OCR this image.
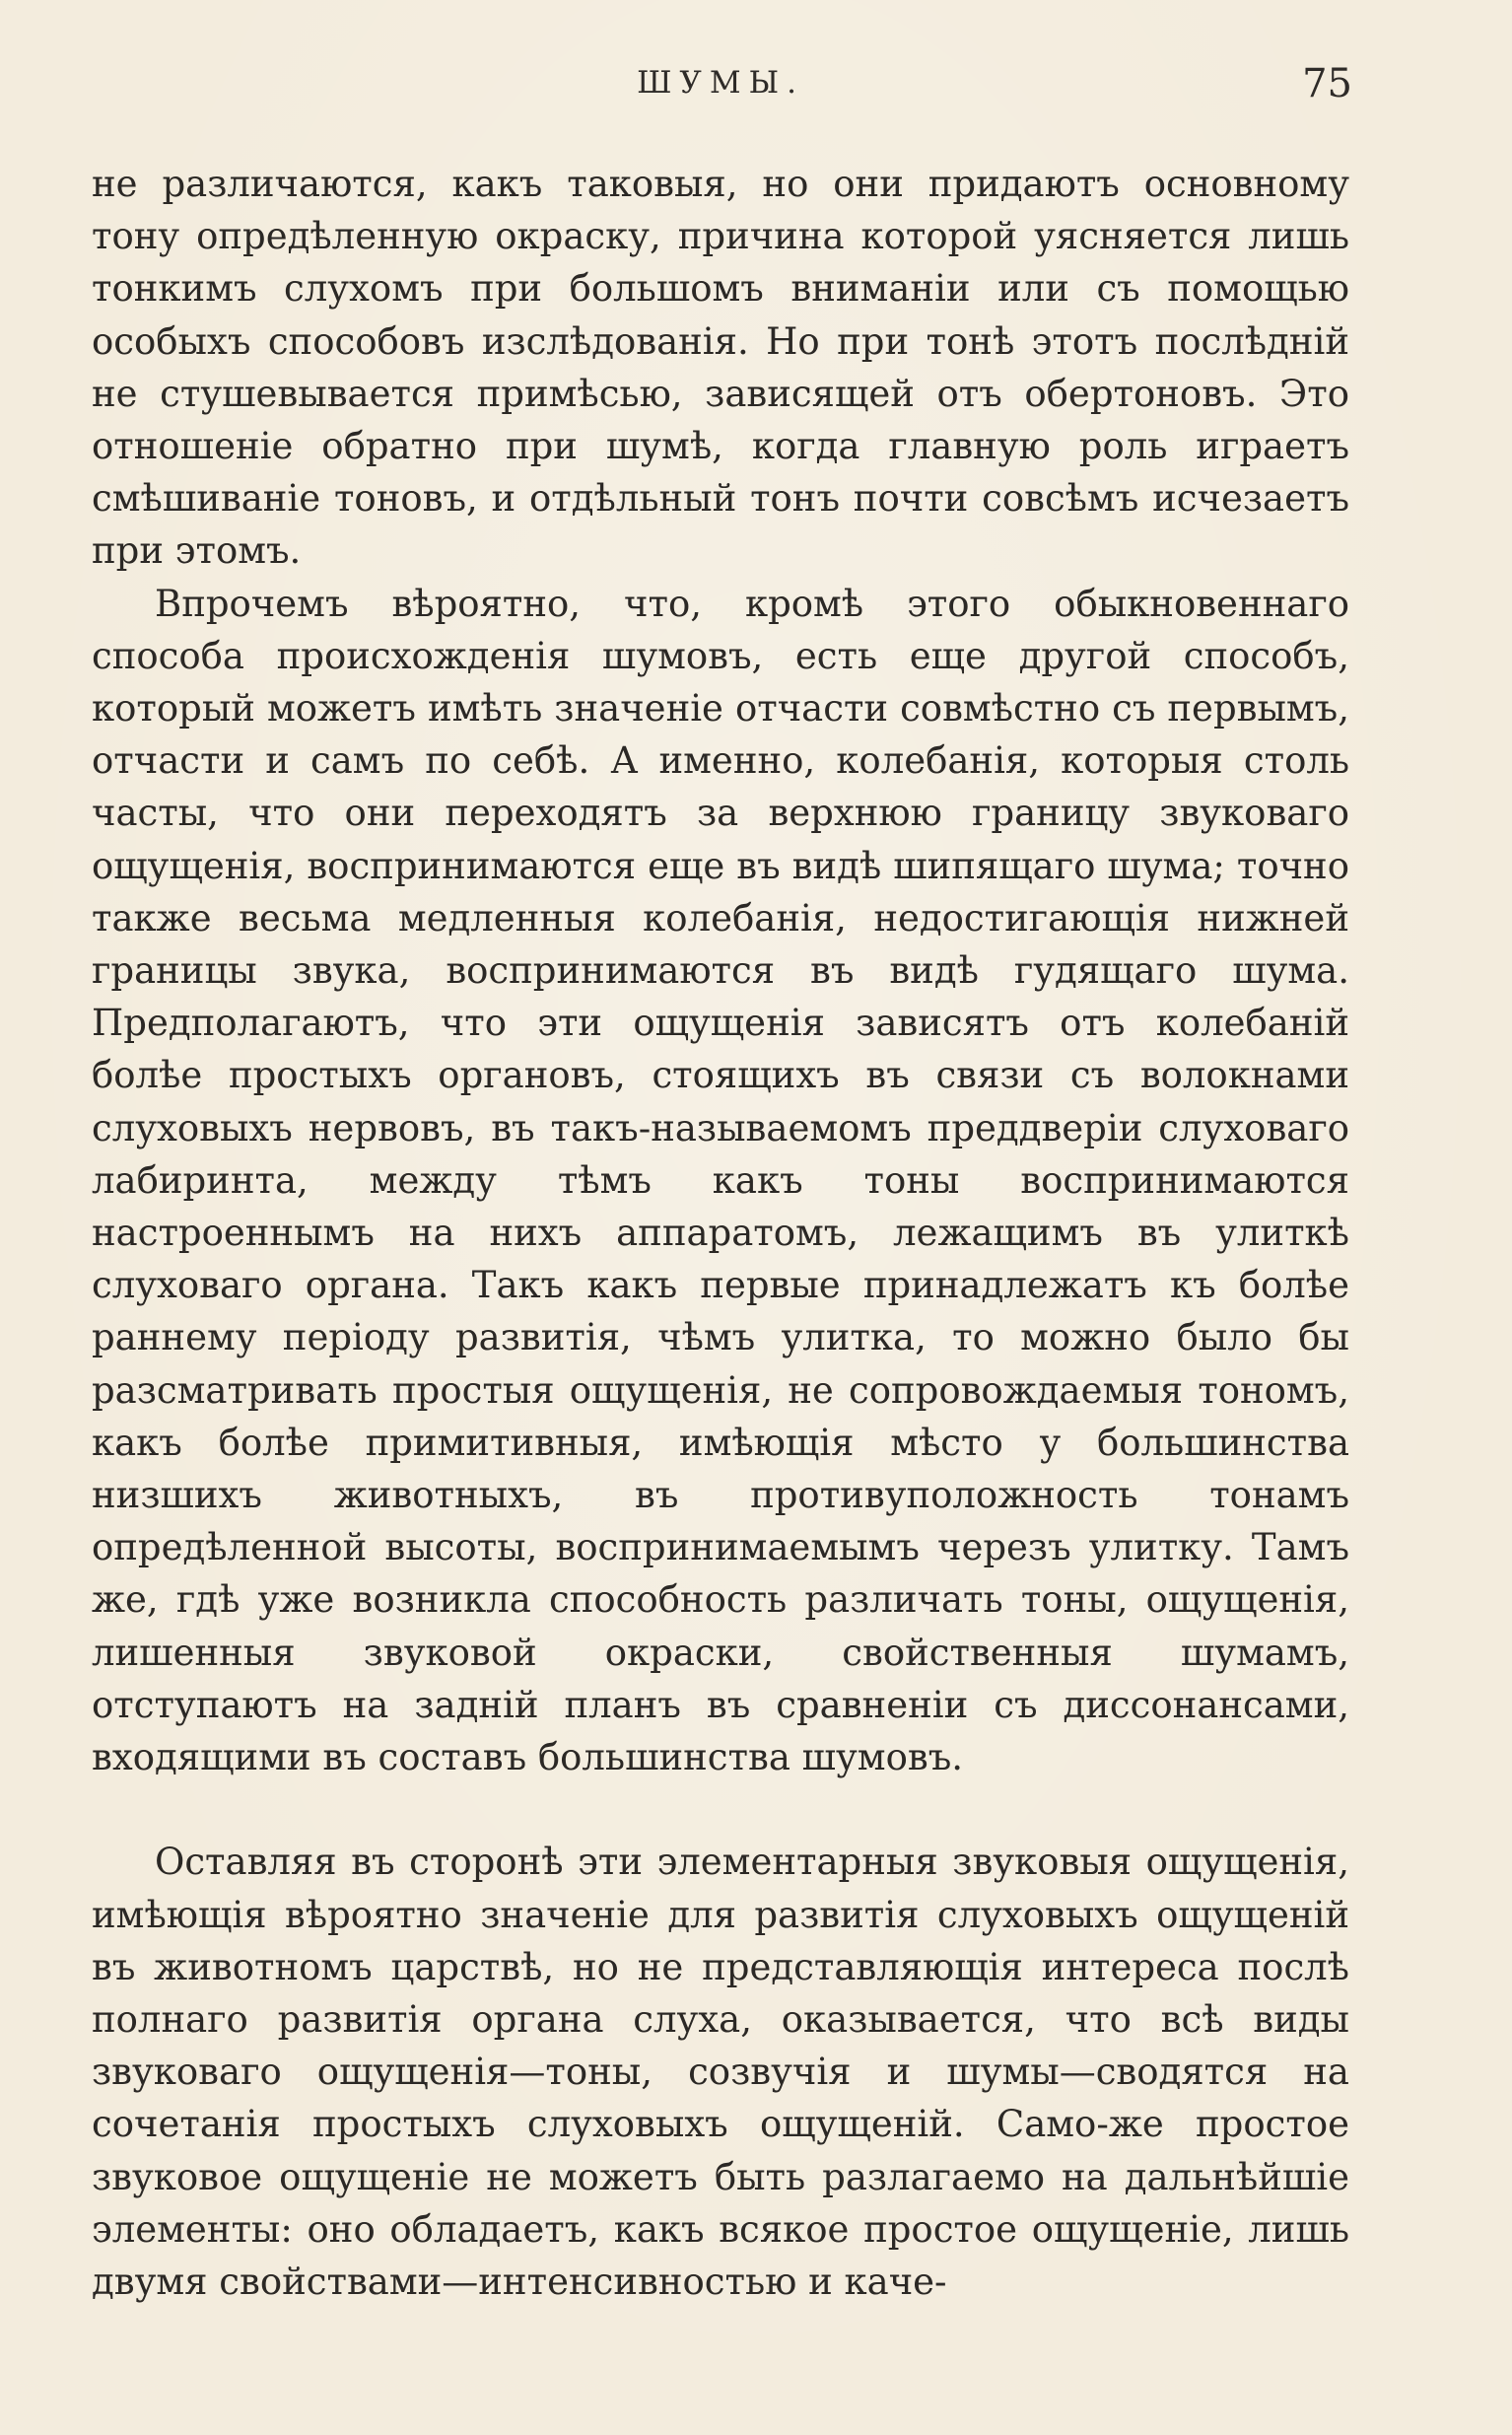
ШУМЫ.	75

не различаются, какъ таковыя, но они придаютъ основному тону опредѣленную окраску, причина которой уясняется лишь тонкимъ слухомъ при большомъ вниманіи или съ помощью особыхъ способовъ изслѣдованія. Но при тонѣ этотъ послѣдній не стушевывается примѣсью, зависящей отъ обертоновъ. Это отношеніе обратно при шумѣ, когда главную роль играетъ смѣшиваніе тоновъ, и отдѣльный тонъ почти совсѣмъ исчезаетъ при этомъ.

Впрочемъ вѣроятно, что, кромѣ этого обыкновеннаго способа происхожденія шумовъ, есть еще другой способъ, который можетъ имѣть значеніе отчасти совмѣстно съ первымъ, отчасти и самъ по себѣ. А именно, колебанія, которыя столь часты, что они переходятъ за верхнюю границу звуковаго ощущенія, воспринимаются еще въ видѣ шипящаго шума; точно также весьма медленныя колебанія, недостигающія нижней границы звука, воспринимаются въ видѣ гудящаго шума. Предполагаютъ, что эти ощущенія зависятъ отъ колебаній болѣе простыхъ органовъ, стоящихъ въ связи съ волокнами слуховыхъ нервовъ, въ такъ-называемомъ преддверіи слуховаго лабиринта, между тѣмъ какъ тоны воспринимаются настроеннымъ на нихъ аппаратомъ, лежащимъ въ улиткѣ слуховаго органа. Такъ какъ первые принадлежатъ къ болѣе раннему періоду развитія, чѣмъ улитка, то можно было бы разсматривать простыя ощущенія, не сопровождаемыя тономъ, какъ болѣе примитивныя, имѣющія мѣсто у большинства низшихъ животныхъ, въ противуположность тонамъ опредѣленной высоты, воспринимаемымъ черезъ улитку. Тамъ же, гдѣ уже возникла способность различать тоны, ощущенія, лишенныя звуковой окраски, свойственныя шумамъ, отступаютъ на задній планъ въ сравненіи съ диссонансами, входящими въ составъ большинства шумовъ.

Оставляя въ сторонѣ эти элементарныя звуковыя ощущенія, имѣющія вѣроятно значеніе для развитія слуховыхъ ощущеній въ животномъ царствѣ, но не представляющія интереса послѣ полнаго развитія органа слуха, оказывается, что всѣ виды звуковаго ощущенія—тоны, созвучія и шумы—сводятся на сочетанія простыхъ слуховыхъ ощущеній. Само-же простое звуковое ощущеніе не можетъ быть разлагаемо на дальнѣйшіе элементы: оно обладаетъ, какъ всякое простое ощущеніе, лишь двумя свойствами—интенсивностью и каче-
